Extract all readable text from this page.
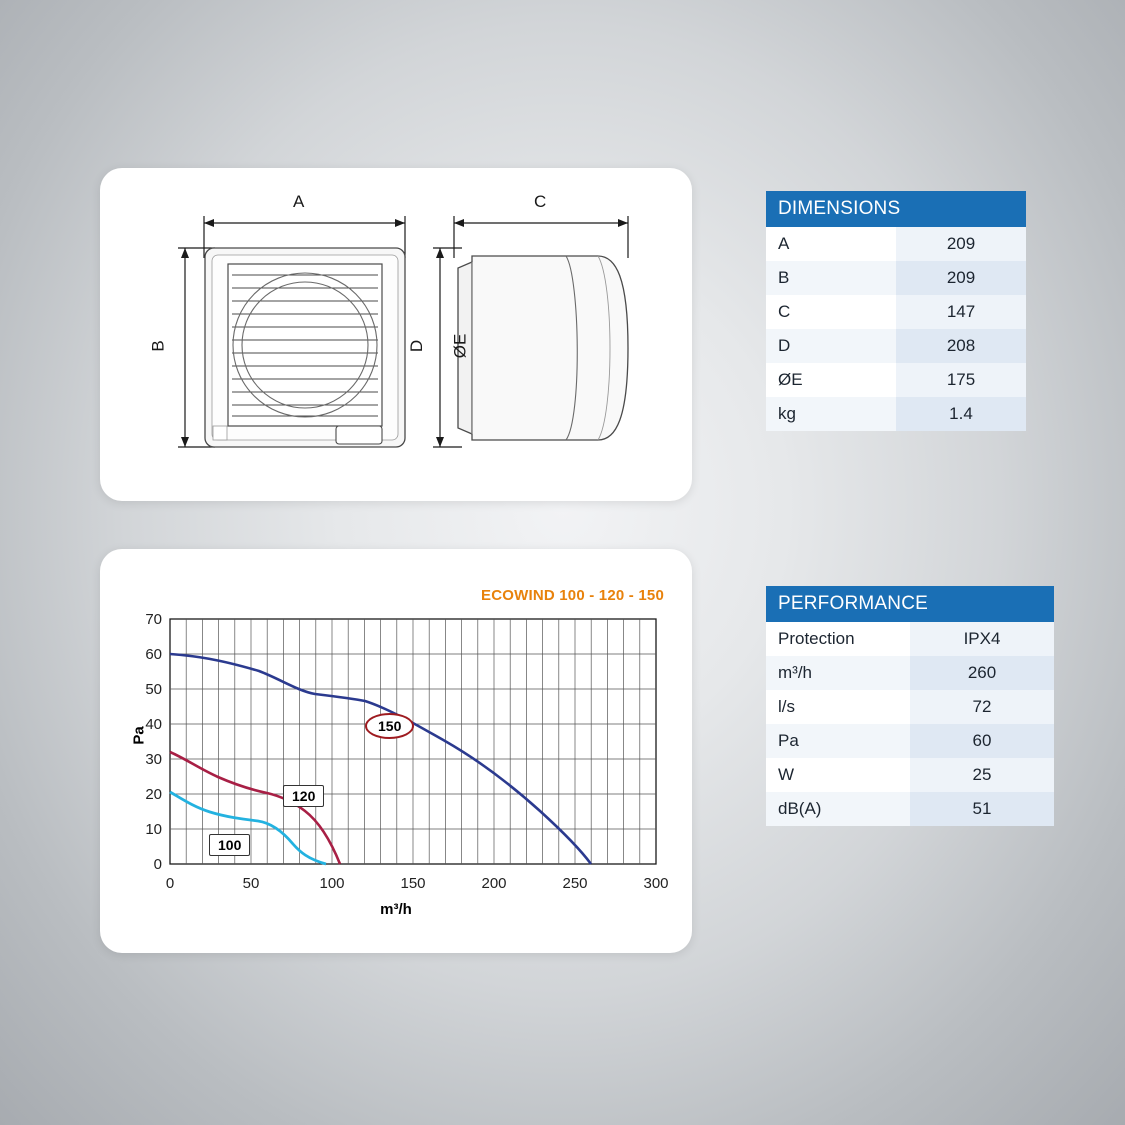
A
B
C
D ØE
DIMENSIONS	
A	209
B	209
C	147
D	208
ØE	175
kg	1.4
ECOWIND 100 - 120 - 150
70
60
50
40
30
20
10
0
0	50	100	150	200	250	300
Pa
m³/h
150
120
100
PERFORMANCE	
Protection	IPX4
m³/h	260
l/s	72
Pa	60
W	25
dB(A)	51
